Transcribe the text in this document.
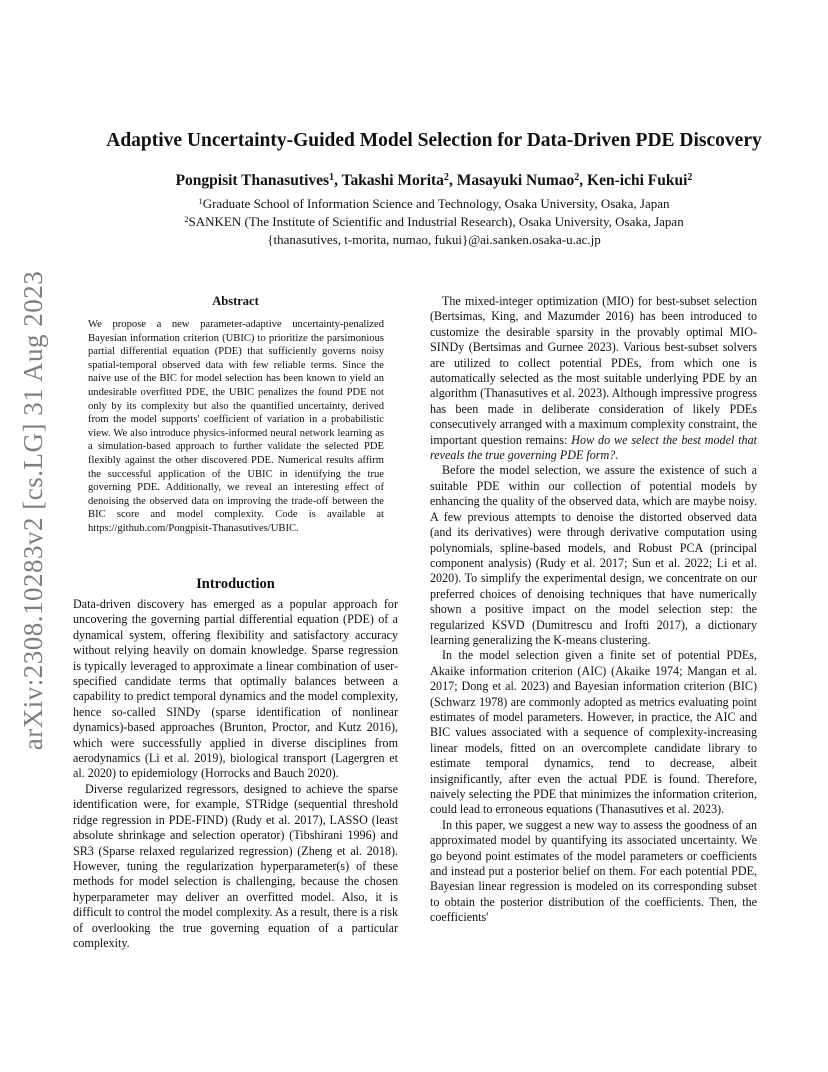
arXiv:2308.10283v2 [cs.LG] 31 Aug 2023
Adaptive Uncertainty-Guided Model Selection for Data-Driven PDE Discovery
Pongpisit Thanasutives$^1$, Takashi Morita$^2$, Masayuki Numao$^2$, Ken-ichi Fukui$^2$
$^1$Graduate School of Information Science and Technology, Osaka University, Osaka, Japan
$^2$SANKEN (The Institute of Scientific and Industrial Research), Osaka University, Osaka, Japan
{thanasutives, t-morita, numao, fukui}@ai.sanken.osaka-u.ac.jp
Abstract

We propose a new parameter-adaptive uncertainty-penalized Bayesian information criterion (UBIC) to prioritize the parsimonious partial differential equation (PDE) that sufficiently governs noisy spatial-temporal observed data with few reliable terms. Since the naive use of the BIC for model selection has been known to yield an undesirable overfitted PDE, the UBIC penalizes the found PDE not only by its complexity but also the quantified uncertainty, derived from the model supports' coefficient of variation in a probabilistic view. We also introduce physics-informed neural network learning as a simulation-based approach to further validate the selected PDE flexibly against the other discovered PDE. Numerical results affirm the successful application of the UBIC in identifying the true governing PDE. Additionally, we reveal an interesting effect of denoising the observed data on improving the trade-off between the BIC score and model complexity. Code is available at https://github.com/Pongpisit-Thanasutives/UBIC.

Introduction

Data-driven discovery has emerged as a popular approach for uncovering the governing partial differential equation (PDE) of a dynamical system, offering flexibility and satisfactory accuracy without relying heavily on domain knowledge. Sparse regression is typically leveraged to approximate a linear combination of user-specified candidate terms that optimally balances between a capability to predict temporal dynamics and the model complexity, hence so-called SINDy (sparse identification of nonlinear dynamics)-based approaches (Brunton, Proctor, and Kutz 2016), which were successfully applied in diverse disciplines from aerodynamics (Li et al. 2019), biological transport (Lagergren et al. 2020) to epidemiology (Horrocks and Bauch 2020).

Diverse regularized regressors, designed to achieve the sparse identification were, for example, STRidge (sequential threshold ridge regression in PDE-FIND) (Rudy et al. 2017), LASSO (least absolute shrinkage and selection operator) (Tibshirani 1996) and SR3 (Sparse relaxed regularized regression) (Zheng et al. 2018). However, tuning the regularization hyperparameter(s) of these methods for model selection is challenging, because the chosen hyperparameter may deliver an overfitted model. Also, it is difficult to control the model complexity. As a result, there is a risk of overlooking the true governing equation of a particular complexity.

The mixed-integer optimization (MIO) for best-subset selection (Bertsimas, King, and Mazumder 2016) has been introduced to customize the desirable sparsity in the provably optimal MIO-SINDy (Bertsimas and Gurnee 2023). Various best-subset solvers are utilized to collect potential PDEs, from which one is automatically selected as the most suitable underlying PDE by an algorithm (Thanasutives et al. 2023). Although impressive progress has been made in deliberate consideration of likely PDEs consecutively arranged with a maximum complexity constraint, the important question remains: How do we select the best model that reveals the true governing PDE form?.

Before the model selection, we assure the existence of such a suitable PDE within our collection of potential models by enhancing the quality of the observed data, which are maybe noisy. A few previous attempts to denoise the distorted observed data (and its derivatives) were through derivative computation using polynomials, spline-based models, and Robust PCA (principal component analysis) (Rudy et al. 2017; Sun et al. 2022; Li et al. 2020). To simplify the experimental design, we concentrate on our preferred choices of denoising techniques that have numerically shown a positive impact on the model selection step: the regularized KSVD (Dumitrescu and Irofti 2017), a dictionary learning generalizing the K-means clustering.

In the model selection given a finite set of potential PDEs, Akaike information criterion (AIC) (Akaike 1974; Mangan et al. 2017; Dong et al. 2023) and Bayesian information criterion (BIC) (Schwarz 1978) are commonly adopted as metrics evaluating point estimates of model parameters. However, in practice, the AIC and BIC values associated with a sequence of complexity-increasing linear models, fitted on an overcomplete candidate library to estimate temporal dynamics, tend to decrease, albeit insignificantly, after even the actual PDE is found. Therefore, naively selecting the PDE that minimizes the information criterion, could lead to erroneous equations (Thanasutives et al. 2023).

In this paper, we suggest a new way to assess the goodness of an approximated model by quantifying its associated uncertainty. We go beyond point estimates of the model parameters or coefficients and instead put a posterior belief on them. For each potential PDE, Bayesian linear regression is modeled on its corresponding subset to obtain the posterior distribution of the coefficients. Then, the coefficients'
